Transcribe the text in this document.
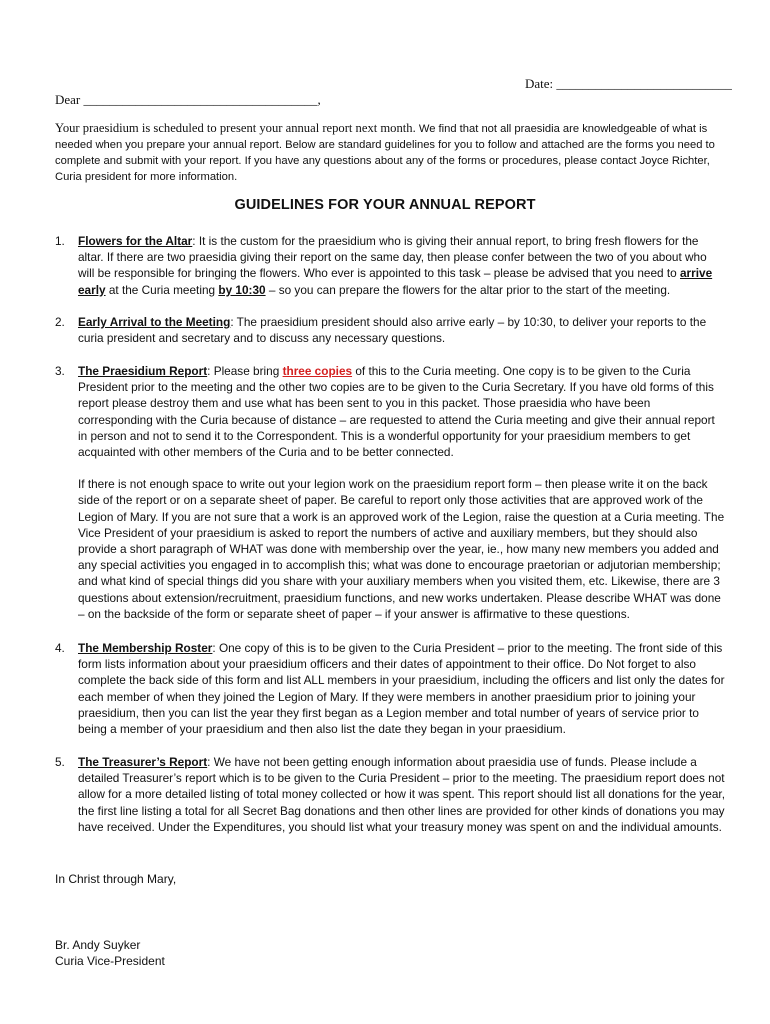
Date: ___________________________
Dear ____________________________________,
Your praesidium is scheduled to present your annual report next month. We find that not all praesidia are knowledgeable of what is needed when you prepare your annual report. Below are standard guidelines for you to follow and attached are the forms you need to complete and submit with your report. If you have any questions about any of the forms or procedures, please contact Joyce Richter, Curia president for more information.
GUIDELINES FOR YOUR ANNUAL REPORT
1. Flowers for the Altar: It is the custom for the praesidium who is giving their annual report, to bring fresh flowers for the altar. If there are two praesidia giving their report on the same day, then please confer between the two of you about who will be responsible for bringing the flowers. Who ever is appointed to this task – please be advised that you need to arrive early at the Curia meeting by 10:30 – so you can prepare the flowers for the altar prior to the start of the meeting.

2. Early Arrival to the Meeting: The praesidium president should also arrive early – by 10:30, to deliver your reports to the curia president and secretary and to discuss any necessary questions.

3. The Praesidium Report: Please bring three copies of this to the Curia meeting. One copy is to be given to the Curia President prior to the meeting and the other two copies are to be given to the Curia Secretary. If you have old forms of this report please destroy them and use what has been sent to you in this packet. Those praesidia who have been corresponding with the Curia because of distance – are requested to attend the Curia meeting and give their annual report in person and not to send it to the Correspondent. This is a wonderful opportunity for your praesidium members to get acquainted with other members of the Curia and to be better connected.

If there is not enough space to write out your legion work on the praesidium report form – then please write it on the back side of the report or on a separate sheet of paper. Be careful to report only those activities that are approved work of the Legion of Mary. If you are not sure that a work is an approved work of the Legion, raise the question at a Curia meeting. The Vice President of your praesidium is asked to report the numbers of active and auxiliary members, but they should also provide a short paragraph of WHAT was done with membership over the year, ie., how many new members you added and any special activities you engaged in to accomplish this; what was done to encourage praetorian or adjutorian membership; and what kind of special things did you share with your auxiliary members when you visited them, etc. Likewise, there are 3 questions about extension/recruitment, praesidium functions, and new works undertaken. Please describe WHAT was done – on the backside of the form or separate sheet of paper – if your answer is affirmative to these questions.

4. The Membership Roster: One copy of this is to be given to the Curia President – prior to the meeting. The front side of this form lists information about your praesidium officers and their dates of appointment to their office. Do Not forget to also complete the back side of this form and list ALL members in your praesidium, including the officers and list only the dates for each member of when they joined the Legion of Mary. If they were members in another praesidium prior to joining your praesidium, then you can list the year they first began as a Legion member and total number of years of service prior to being a member of your praesidium and then also list the date they began in your praesidium.

5. The Treasurer’s Report: We have not been getting enough information about praesidia use of funds. Please include a detailed Treasurer’s report which is to be given to the Curia President – prior to the meeting. The praesidium report does not allow for a more detailed listing of total money collected or how it was spent. This report should list all donations for the year, the first line listing a total for all Secret Bag donations and then other lines are provided for other kinds of donations you may have received. Under the Expenditures, you should list what your treasury money was spent on and the individual amounts.

In Christ through Mary,
Br. Andy Suyker
Curia Vice-President
